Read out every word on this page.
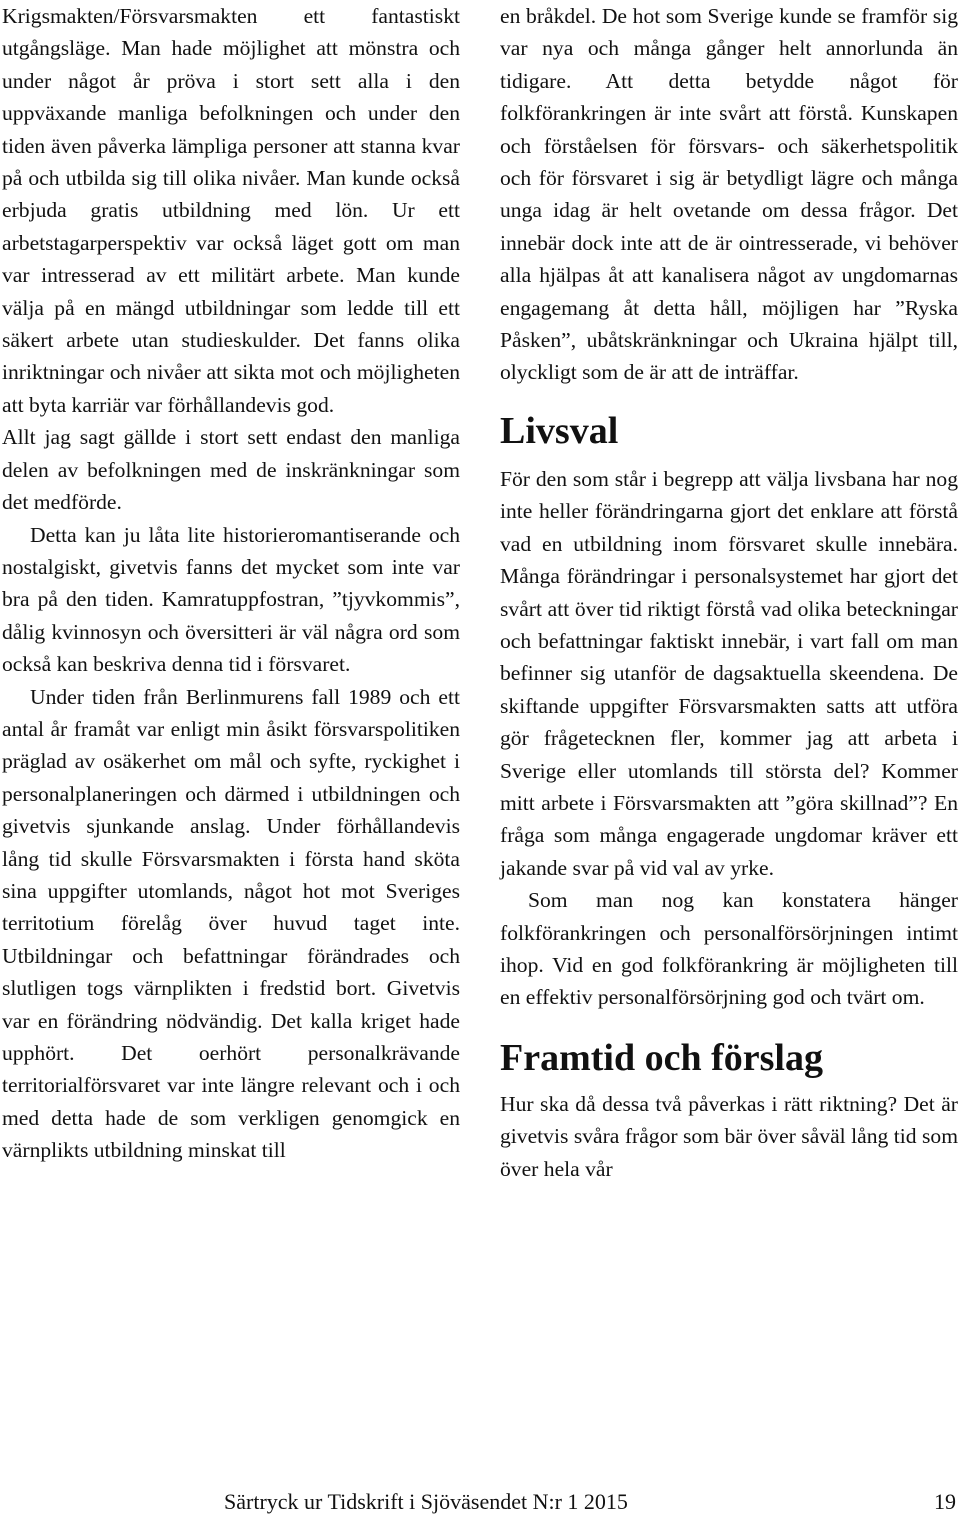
Krigsmakten/Försvarsmakten ett fantastiskt utgångsläge. Man hade möjlighet att mönstra och under något år pröva i stort sett alla i den uppväxande manliga befolkningen och under den tiden även påverka lämpliga personer att stanna kvar på och utbilda sig till olika nivåer. Man kunde också erbjuda gratis utbildning med lön. Ur ett arbetstagarperspektiv var också läget gott om man var intresserad av ett militärt arbete. Man kunde välja på en mängd utbildningar som ledde till ett säkert arbete utan studieskulder. Det fanns olika inriktningar och nivåer att sikta mot och möjligheten att byta karriär var förhållandevis god.

Allt jag sagt gällde i stort sett endast den manliga delen av befolkningen med de inskränkningar som det medförde.

Detta kan ju låta lite historieromantiserande och nostalgiskt, givetvis fanns det mycket som inte var bra på den tiden. Kamratuppfostran, ”tjyvkommis”, dålig kvinnosyn och översitteri är väl några ord som också kan beskriva denna tid i försvaret.

Under tiden från Berlinmurens fall 1989 och ett antal år framåt var enligt min åsikt försvarspolitiken präglad av osäkerhet om mål och syfte, ryckighet i personalplaneringen och därmed i utbildningen och givetvis sjunkande anslag. Under förhållandevis lång tid skulle Försvarsmakten i första hand sköta sina uppgifter utomlands, något hot mot Sveriges territotium förelåg över huvud taget inte. Utbildningar och befattningar förändrades och slutligen togs värnplikten i fredstid bort. Givetvis var en förändring nödvändig. Det kalla kriget hade upphört. Det oerhört personalkrävande territorialförsvaret var inte längre relevant och i och med detta hade de som verkligen genomgick en värnplikts utbildning minskat till

en bråkdel. De hot som Sverige kunde se framför sig var nya och många gånger helt annorlunda än tidigare. Att detta betydde något för folkförankringen är inte svårt att förstå. Kunskapen och förståelsen för försvars- och säkerhetspolitik och för försvaret i sig är betydligt lägre och många unga idag är helt ovetande om dessa frågor. Det innebär dock inte att de är ointresserade, vi behöver alla hjälpas åt att kanalisera något av ungdomarnas engagemang åt detta håll, möjligen har ”Ryska Påsken”, ubåtskränkningar och Ukraina hjälpt till, olyckligt som de är att de inträffar.

Livsval

För den som står i begrepp att välja livsbana har nog inte heller förändringarna gjort det enklare att förstå vad en utbildning inom försvaret skulle innebära. Många förändringar i personalsystemet har gjort det svårt att över tid riktigt förstå vad olika beteckningar och befattningar faktiskt innebär, i vart fall om man befinner sig utanför de dagsaktuella skeendena. De skiftande uppgifter Försvarsmakten satts att utföra gör frågetecknen fler, kommer jag att arbeta i Sverige eller utomlands till största del? Kommer mitt arbete i Försvarsmakten att ”göra skillnad”? En fråga som många engagerade ungdomar kräver ett jakande svar på vid val av yrke.

Som man nog kan konstatera hänger folkförankringen och personalförsörjningen intimt ihop. Vid en god folkförankring är möjligheten till en effektiv personalförsörjning god och tvärt om.

Framtid och förslag

Hur ska då dessa två påverkas i rätt riktning? Det är givetvis svåra frågor som bär över såväl lång tid som över hela vår

Särtryck ur Tidskrift i Sjöväsendet N:r 1 2015	19
